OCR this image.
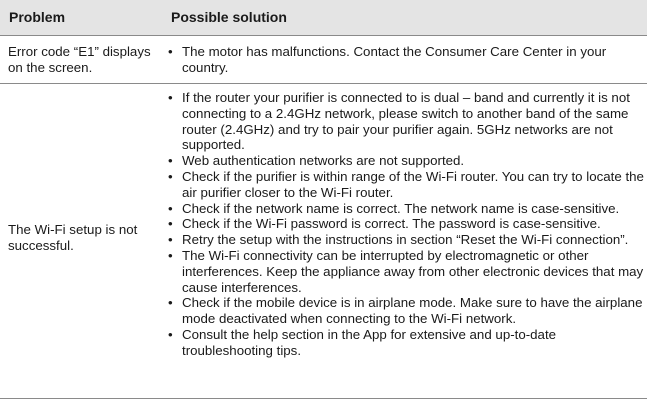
Problem	Possible solution
Error code “E1” displays on the screen.
• The motor has malfunctions. Contact the Consumer Care Center in your country.
The Wi-Fi setup is not successful.
• If the router your purifier is connected to is dual – band and currently it is not connecting to a 2.4GHz network, please switch to another band of the same router (2.4GHz) and try to pair your purifier again. 5GHz networks are not supported.
• Web authentication networks are not supported.
• Check if the purifier is within range of the Wi-Fi router. You can try to locate the air purifier closer to the Wi-Fi router.
• Check if the network name is correct. The network name is case-sensitive.
• Check if the Wi-Fi password is correct. The password is case-sensitive.
• Retry the setup with the instructions in section “Reset the Wi-Fi connection”.
• The Wi-Fi connectivity can be interrupted by electromagnetic or other interferences. Keep the appliance away from other electronic devices that may cause interferences.
• Check if the mobile device is in airplane mode. Make sure to have the airplane mode deactivated when connecting to the Wi-Fi network.
• Consult the help section in the App for extensive and up-to-date troubleshooting tips.
